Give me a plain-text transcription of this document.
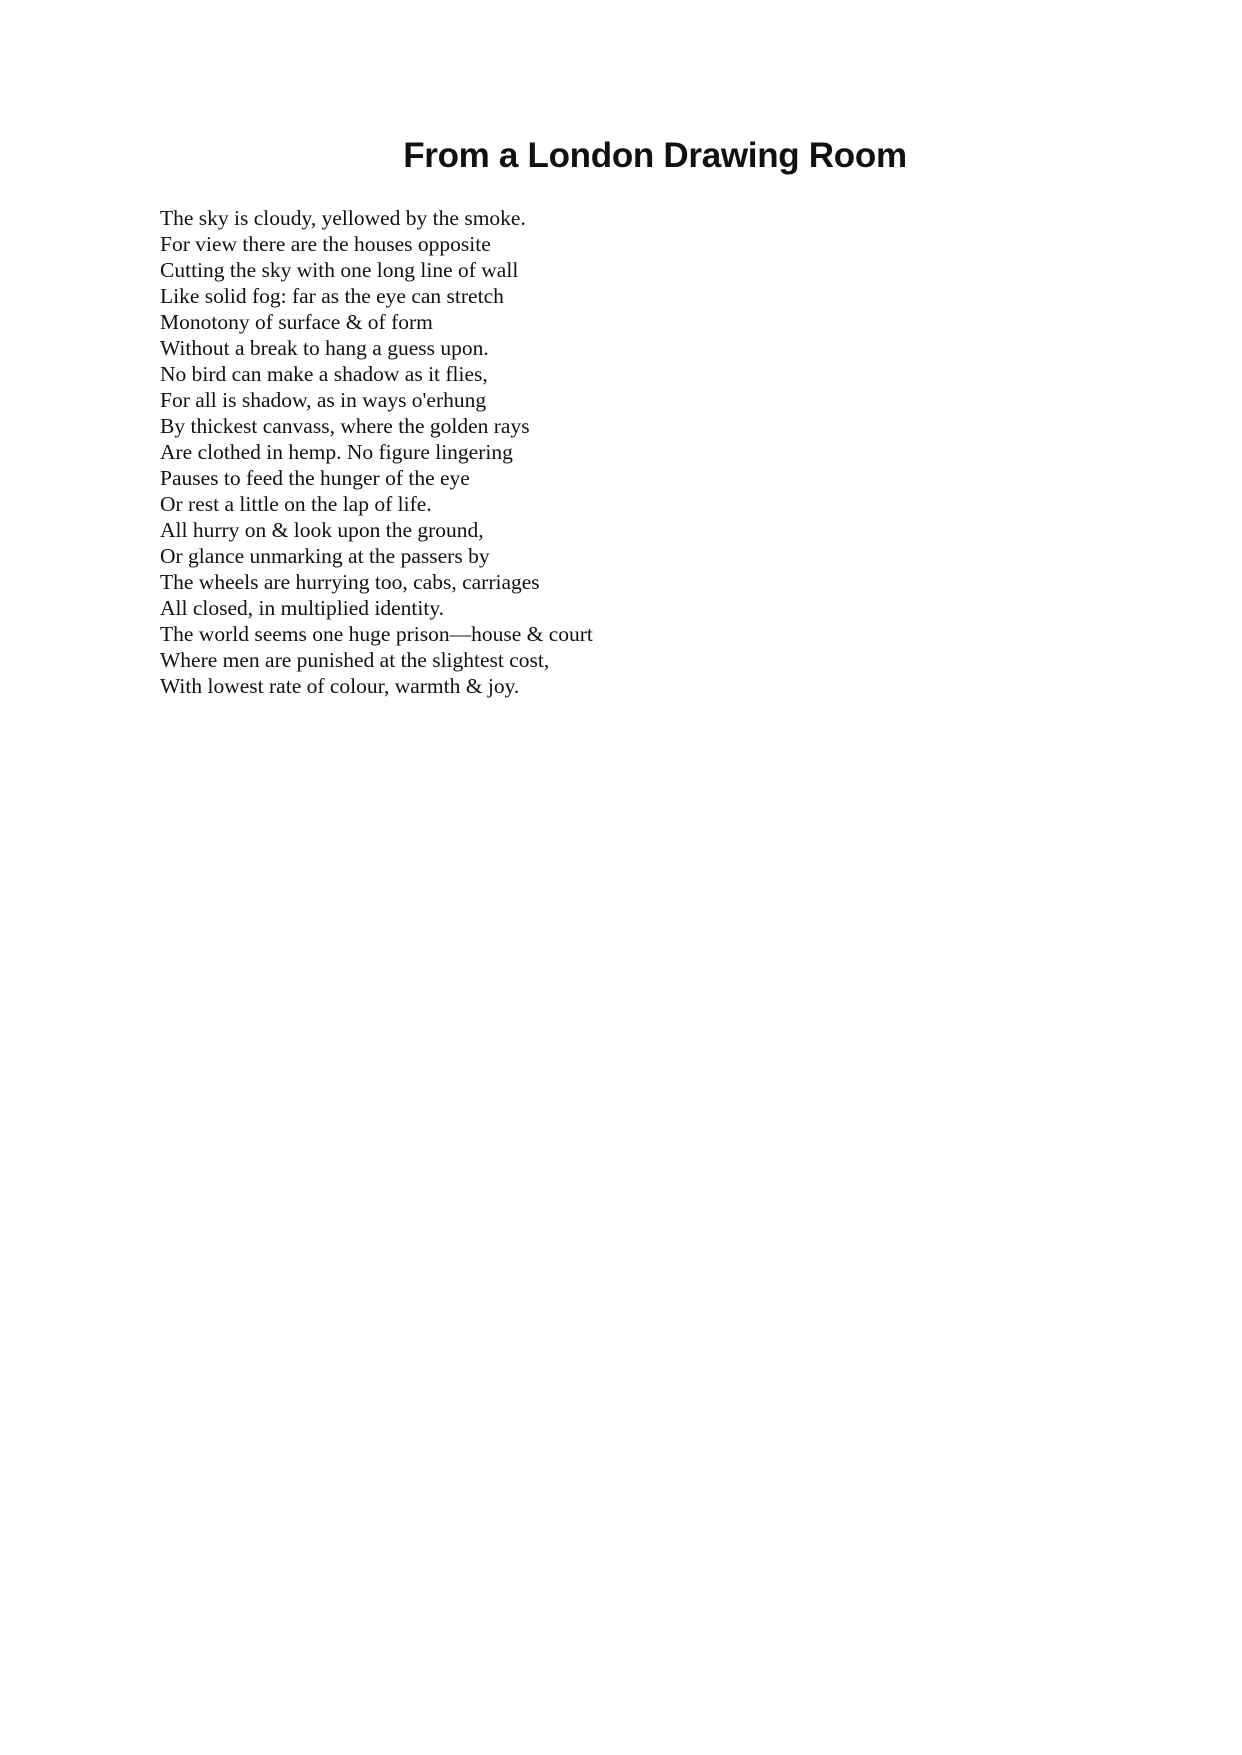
From a London Drawing Room

The sky is cloudy, yellowed by the smoke.

For view there are the houses opposite

Cutting the sky with one long line of wall

Like solid fog: far as the eye can stretch

Monotony of surface & of form

Without a break to hang a guess upon.

No bird can make a shadow as it flies,

For all is shadow, as in ways o'erhung

By thickest canvass, where the golden rays

Are clothed in hemp. No figure lingering

Pauses to feed the hunger of the eye

Or rest a little on the lap of life.

All hurry on & look upon the ground,

Or glance unmarking at the passers by

The wheels are hurrying too, cabs, carriages

All closed, in multiplied identity.

The world seems one huge prison—house & court

Where men are punished at the slightest cost,

With lowest rate of colour, warmth & joy.
